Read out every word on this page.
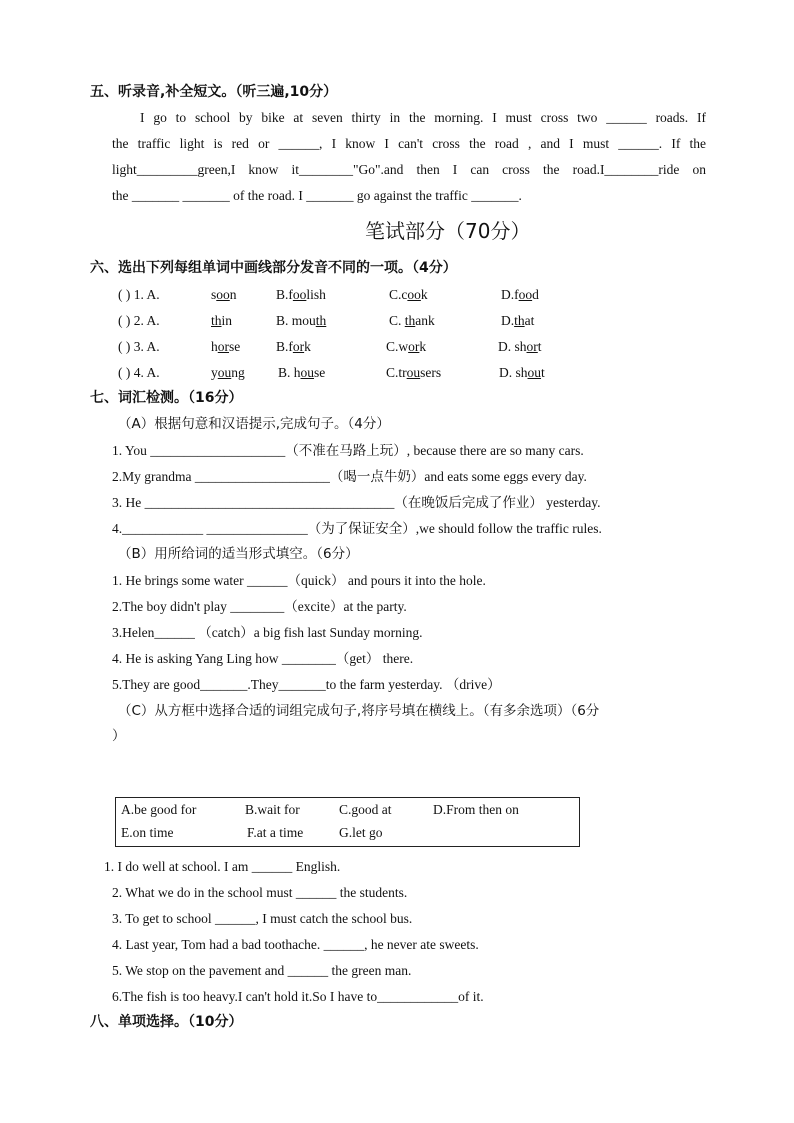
五、听录音,补全短文。（听三遍,10分）
I go to school by bike at seven thirty in the morning. I must cross two ______ roads. If
the traffic light is red or ______, I know I can't cross the road , and I must ______. If the
light_________green,I know it________"Go".and then I can cross the road.I________ride on
the _______ _______ of the road. I _______ go against the traffic _______.
笔试部分（70分）
六、选出下列每组单词中画线部分发音不同的一项。（4分）
( ) 1. A.	soon	B.foolish	C.cook	D.food
( ) 2. A.	thin	B. mouth	C. thank	D.that
( ) 3. A.	horse	B.fork	C.work	D. short
( ) 4. A.	young B. house	C.trousers	D. shout
七、词汇检测。（16分）
（A）根据句意和汉语提示,完成句子。（4分）
1. You ____________________（不准在马路上玩）, because there are so many cars.
2.My grandma ____________________（喝一点牛奶）and eats some eggs every day.
3. He _____________________________________（在晚饭后完成了作业） yesterday.
4.____________ _______________（为了保证安全）,we should follow the traffic rules.
（B）用所给词的适当形式填空。（6分）
1. He brings some water ______（quick） and pours it into the hole.
2.The boy didn't play ________（excite）at the party.
3.Helen______ （catch）a big fish last Sunday morning.
4. He is asking Yang Ling how ________（get） there.
5.They are good_______.They_______to the farm yesterday. （drive）
（C）从方框中选择合适的词组完成句子,将序号填在横线上。（有多余选项）（6分
）
A.be good for	B.wait for	C.good at	D.From then on
E.on time	F.at a time	G.let go
1. I do well at school. I am ______ English.
2. What we do in the school must ______ the students.
3. To get to school ______, I must catch the school bus.
4. Last year, Tom had a bad toothache. ______, he never ate sweets.
5. We stop on the pavement and ______ the green man.
6.The fish is too heavy.I can't hold it.So I have to____________of it.
八、单项选择。（10分）
